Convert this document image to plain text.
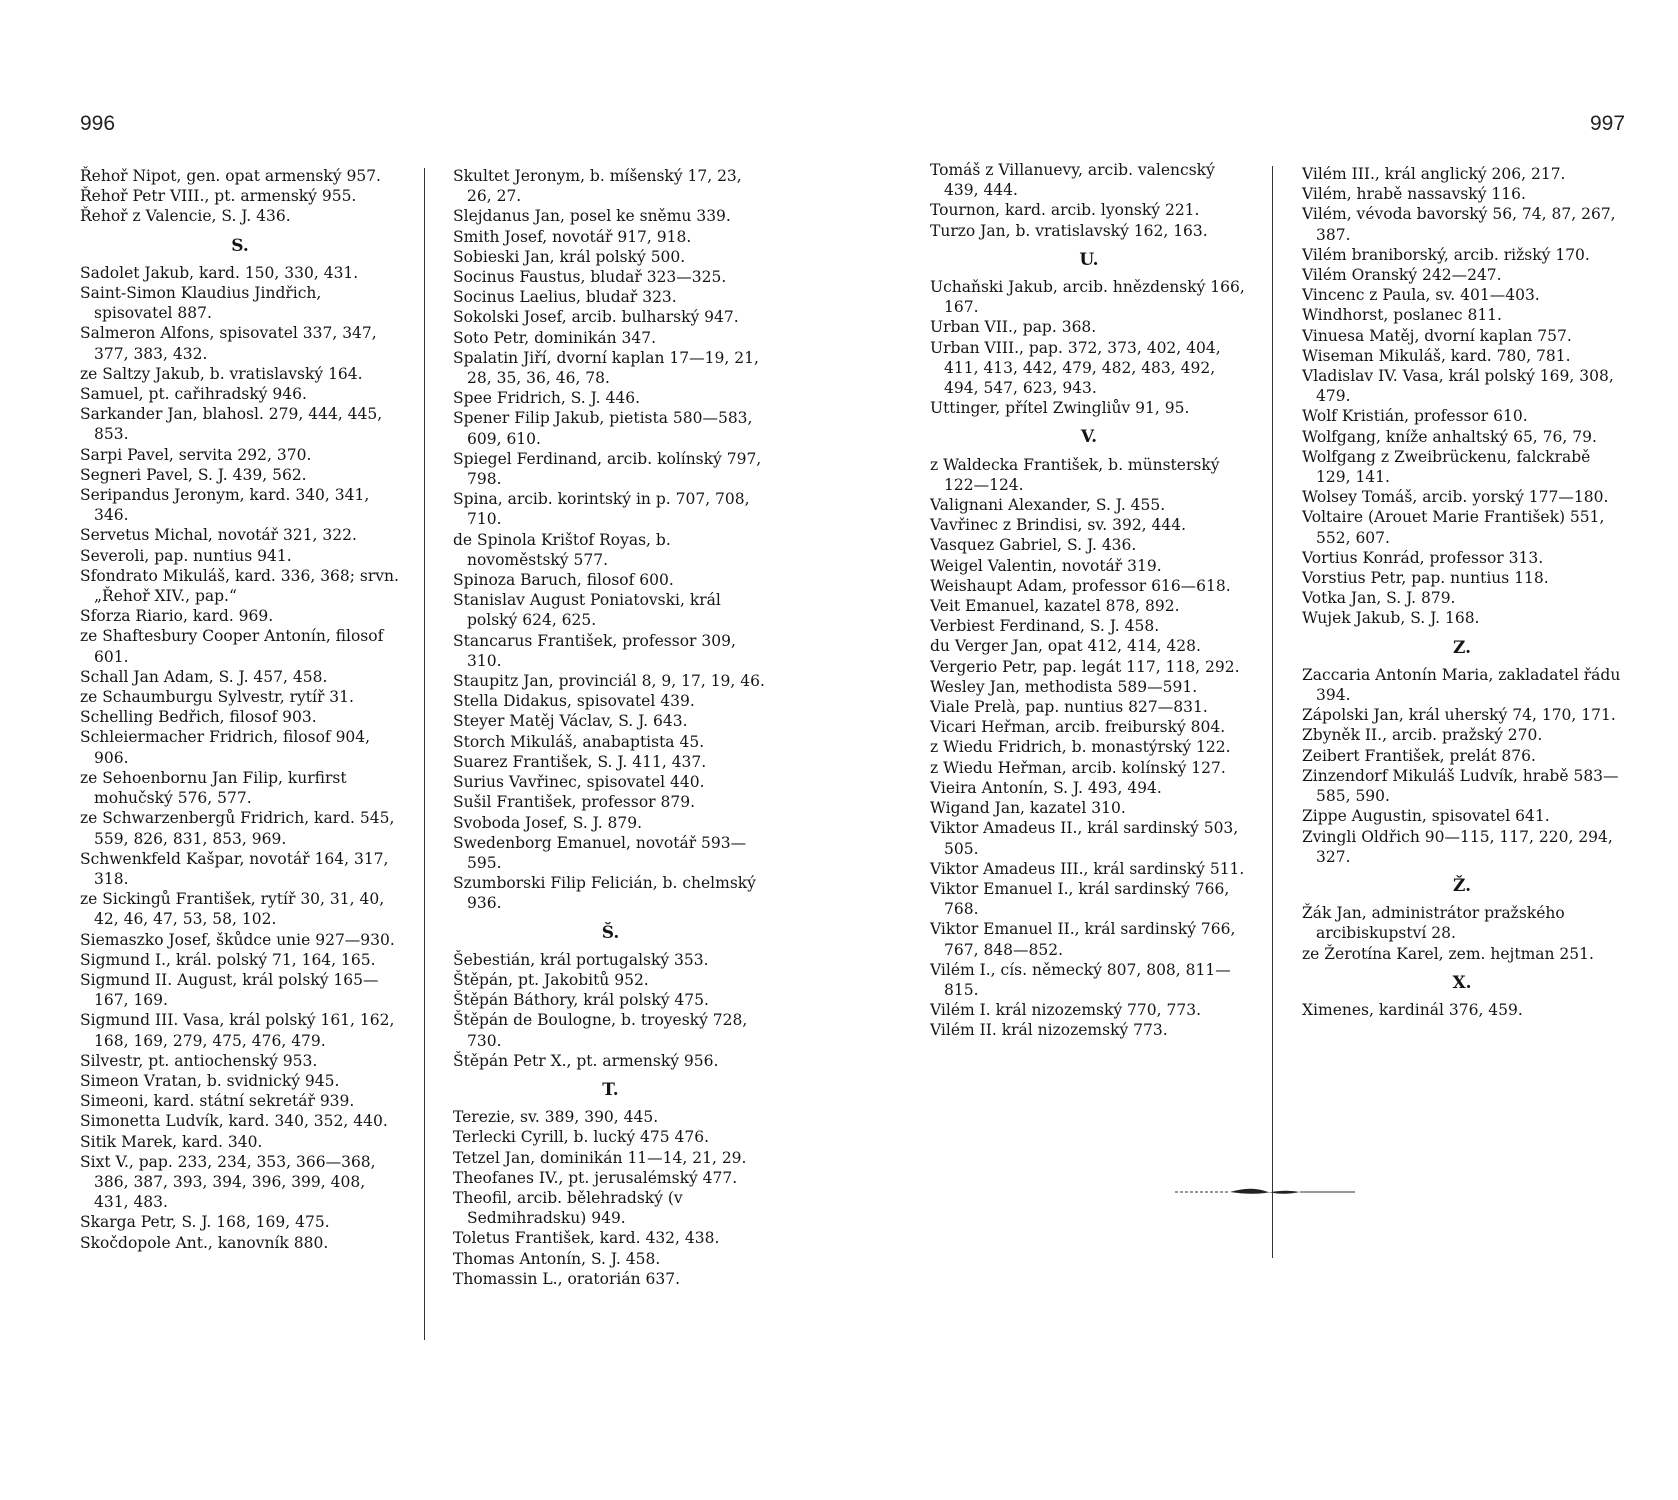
996	997
Řehoř Nipot, gen. opat armenský 957.
Řehoř Petr VIII., pt. armenský 955.
Řehoř z Valencie, S. J. 436.
S.
Sadolet Jakub, kard. 150, 330, 431.
Saint-Simon Klaudius Jindřich, spisovatel 887.
Salmeron Alfons, spisovatel 337, 347, 377, 383, 432.
ze Saltzy Jakub, b. vratislavský 164.
Samuel, pt. cařihradský 946.
Sarkander Jan, blahosl. 279, 444, 445, 853.
Sarpi Pavel, servita 292, 370.
Segneri Pavel, S. J. 439, 562.
Seripandus Jeronym, kard. 340, 341, 346.
Servetus Michal, novotář 321, 322.
Severoli, pap. nuntius 941.
Sfondrato Mikuláš, kard. 336, 368; srvn. „Řehoř XIV., pap.“
Sforza Riario, kard. 969.
ze Shaftesbury Cooper Antonín, filosof 601.
Schall Jan Adam, S. J. 457, 458.
ze Schaumburgu Sylvestr, rytíř 31.
Schelling Bedřich, filosof 903.
Schleiermacher Fridrich, filosof 904, 906.
ze Sehoenbornu Jan Filip, kurfirst mohučský 576, 577.
ze Schwarzenbergů Fridrich, kard. 545, 559, 826, 831, 853, 969.
Schwenkfeld Kašpar, novotář 164, 317, 318.
ze Sickingů František, rytíř 30, 31, 40, 42, 46, 47, 53, 58, 102.
Siemaszko Josef, škůdce unie 927—930.
Sigmund I., král. polský 71, 164, 165.
Sigmund II. August, král polský 165—167, 169.
Sigmund III. Vasa, král polský 161, 162, 168, 169, 279, 475, 476, 479.
Silvestr, pt. antiochenský 953.
Simeon Vratan, b. svidnický 945.
Simeoni, kard. státní sekretář 939.
Simonetta Ludvík, kard. 340, 352, 440.
Sitik Marek, kard. 340.
Sixt V., pap. 233, 234, 353, 366—368, 386, 387, 393, 394, 396, 399, 408, 431, 483.
Skarga Petr, S. J. 168, 169, 475.
Skočdopole Ant., kanovník 880.
Skultet Jeronym, b. míšenský 17, 23, 26, 27.
Slejdanus Jan, posel ke sněmu 339.
Smith Josef, novotář 917, 918.
Sobieski Jan, král polský 500.
Socinus Faustus, bludař 323—325.
Socinus Laelius, bludař 323.
Sokolski Josef, arcib. bulharský 947.
Soto Petr, dominikán 347.
Spalatin Jiří, dvorní kaplan 17—19, 21, 28, 35, 36, 46, 78.
Spee Fridrich, S. J. 446.
Spener Filip Jakub, pietista 580—583, 609, 610.
Spiegel Ferdinand, arcib. kolínský 797, 798.
Spina, arcib. korintský in p. 707, 708, 710.
de Spinola Krištof Royas, b. novoměstský 577.
Spinoza Baruch, filosof 600.
Stanislav August Poniatovski, král polský 624, 625.
Stancarus František, professor 309, 310.
Staupitz Jan, provinciál 8, 9, 17, 19, 46.
Stella Didakus, spisovatel 439.
Steyer Matěj Václav, S. J. 643.
Storch Mikuláš, anabaptista 45.
Suarez František, S. J. 411, 437.
Surius Vavřinec, spisovatel 440.
Sušil František, professor 879.
Svoboda Josef, S. J. 879.
Swedenborg Emanuel, novotář 593—595.
Szumborski Filip Felicián, b. chelmský 936.
Š.
Šebestián, král portugalský 353.
Štěpán, pt. Jakobitů 952.
Štěpán Báthory, král polský 475.
Štěpán de Boulogne, b. troyeský 728, 730.
Štěpán Petr X., pt. armenský 956.
T.
Terezie, sv. 389, 390, 445.
Terlecki Cyrill, b. lucký 475 476.
Tetzel Jan, dominikán 11—14, 21, 29.
Theofanes IV., pt. jerusalémský 477.
Theofil, arcib. bělehradský (v Sedmihradsku) 949.
Toletus František, kard. 432, 438.
Thomas Antonín, S. J. 458.
Thomassin L., oratorián 637.
Tomáš z Villanuevy, arcib. valencský 439, 444.
Tournon, kard. arcib. lyonský 221.
Turzo Jan, b. vratislavský 162, 163.
U.
Uchaňski Jakub, arcib. hnězdenský 166, 167.
Urban VII., pap. 368.
Urban VIII., pap. 372, 373, 402, 404, 411, 413, 442, 479, 482, 483, 492, 494, 547, 623, 943.
Uttinger, přítel Zwingliův 91, 95.
V.
z Waldecka František, b. münsterský 122—124.
Valignani Alexander, S. J. 455.
Vavřinec z Brindisi, sv. 392, 444.
Vasquez Gabriel, S. J. 436.
Weigel Valentin, novotář 319.
Weishaupt Adam, professor 616—618.
Veit Emanuel, kazatel 878, 892.
Verbiest Ferdinand, S. J. 458.
du Verger Jan, opat 412, 414, 428.
Vergerio Petr, pap. legát 117, 118, 292.
Wesley Jan, methodista 589—591.
Viale Prelà, pap. nuntius 827—831.
Vicari Heřman, arcib. freiburský 804.
z Wiedu Fridrich, b. monastýrský 122.
z Wiedu Heřman, arcib. kolínský 127.
Vieira Antonín, S. J. 493, 494.
Wigand Jan, kazatel 310.
Viktor Amadeus II., král sardinský 503, 505.
Viktor Amadeus III., král sardinský 511.
Viktor Emanuel I., král sardinský 766, 768.
Viktor Emanuel II., král sardinský 766, 767, 848—852.
Vilém I., cís. německý 807, 808, 811—815.
Vilém I. král nizozemský 770, 773.
Vilém II. král nizozemský 773.
Vilém III., král anglický 206, 217.
Vilém, hrabě nassavský 116.
Vilém, vévoda bavorský 56, 74, 87, 267, 387.
Vilém braniborský, arcib. rižský 170.
Vilém Oranský 242—247.
Vincenc z Paula, sv. 401—403.
Windhorst, poslanec 811.
Vinuesa Matěj, dvorní kaplan 757.
Wiseman Mikuláš, kard. 780, 781.
Vladislav IV. Vasa, král polský 169, 308, 479.
Wolf Kristián, professor 610.
Wolfgang, kníže anhaltský 65, 76, 79.
Wolfgang z Zweibrückenu, falckrabě 129, 141.
Wolsey Tomáš, arcib. yorský 177—180.
Voltaire (Arouet Marie František) 551, 552, 607.
Vortius Konrád, professor 313.
Vorstius Petr, pap. nuntius 118.
Votka Jan, S. J. 879.
Wujek Jakub, S. J. 168.
Z.
Zaccaria Antonín Maria, zakladatel řádu 394.
Zápolski Jan, král uherský 74, 170, 171.
Zbyněk II., arcib. pražský 270.
Zeibert František, prelát 876.
Zinzendorf Mikuláš Ludvík, hrabě 583—585, 590.
Zippe Augustin, spisovatel 641.
Zvingli Oldřich 90—115, 117, 220, 294, 327.
Ž.
Žák Jan, administrátor pražského arcibiskupství 28.
ze Žerotína Karel, zem. hejtman 251.
X.
Ximenes, kardinál 376, 459.
